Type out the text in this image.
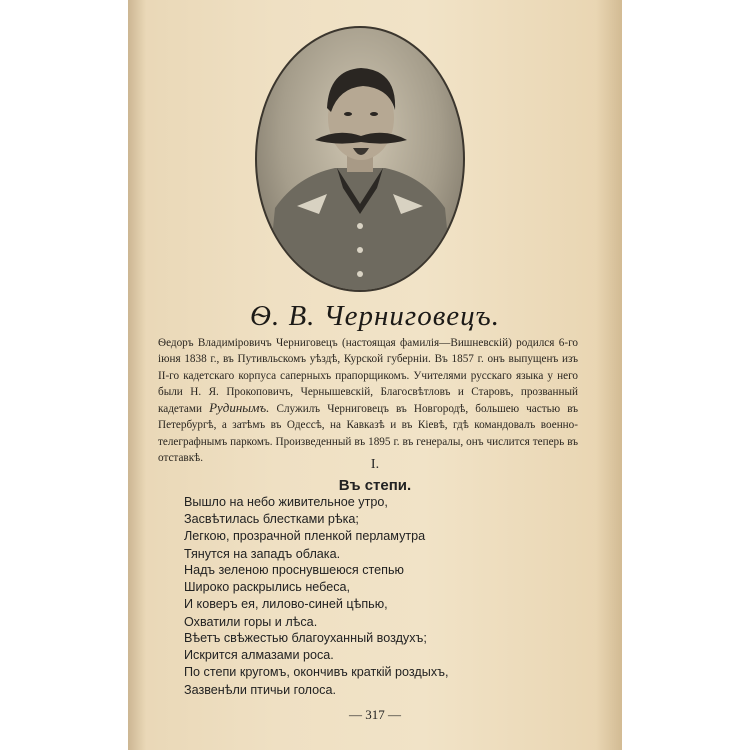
Ѳ. В. Черниговецъ.
Ѳедоръ Владиміровичъ Черниговецъ (настоящая фамилія—Вишневскій) родился 6-го іюня 1838 г., въ Путивльскомъ уѣздѣ, Курской губерніи. Въ 1857 г. онъ выпущенъ изъ II-го кадетскаго корпуса саперныхъ прапорщикомъ. Учителями русскаго языка у него были Н. Я. Прокоповичъ, Чернышевскій, Благосвѣтловъ и Старовъ, прозванный кадетами Рудинымъ. Служилъ Черниговецъ въ Новгородѣ, большею частью въ Петербургѣ, а затѣмъ въ Одессѣ, на Кавказѣ и въ Кіевѣ, гдѣ командовалъ военно-телеграфнымъ паркомъ. Произведенный въ 1895 г. въ генералы, онъ числится теперь въ отставкѣ.	I.
Въ степи.
Вышло на небо живительное утро,
Засвѣтилась блестками рѣка;
Легкою, прозрачной пленкой перламутра
Тянутся на западъ облака.
Надъ зеленою проснувшеюся степью
Широко раскрылись небеса,
И коверъ ея, лилово-синей цѣпью,
Охватили горы и лѣса.
Вѣетъ свѣжестью благоуханный воздухъ;
Искрится алмазами роса.
По степи кругомъ, окончивъ краткій роздыхъ,
Зазвенѣли птичьи голоса.
— 317 —
